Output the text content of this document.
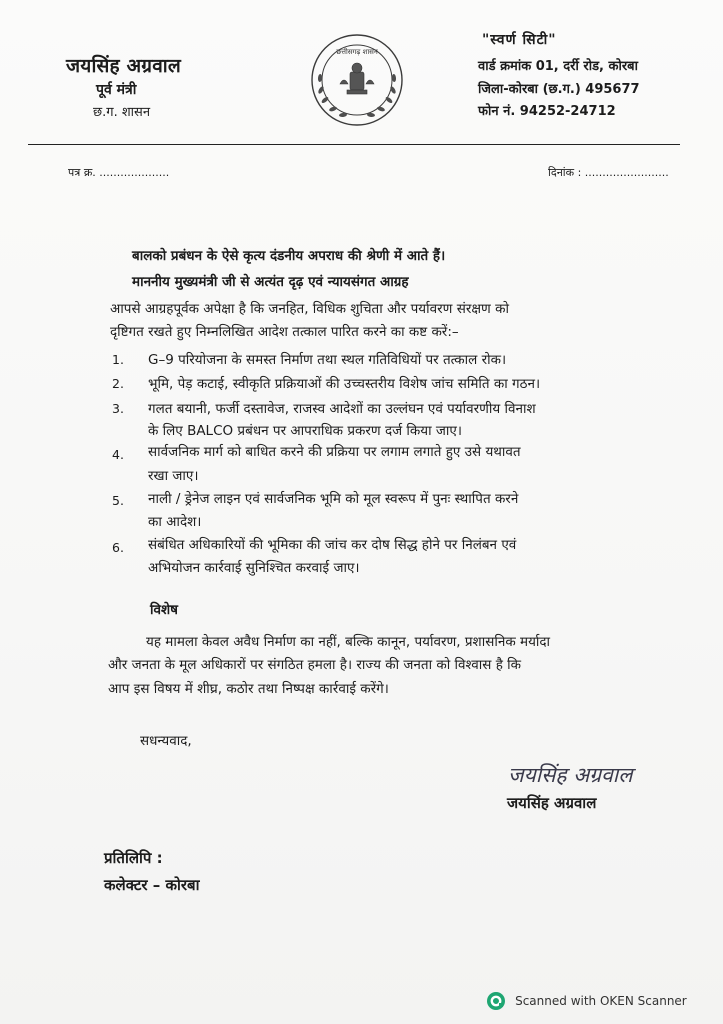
जयसिंह अग्रवाल
पूर्व मंत्री
छ.ग. शासन
छत्तीसगढ़ शासन
"स्वर्ण सिटी"
वार्ड क्रमांक 01, दर्री रोड, कोरबा
जिला-कोरबा (छ.ग.) 495677
फोन नं. 94252-24712
पत्र क्र. ....................	दिनांक : ........................
बालको प्रबंधन के ऐसे कृत्य दंडनीय अपराध की श्रेणी में आते हैं।
माननीय मुख्यमंत्री जी से अत्यंत दृढ़ एवं न्यायसंगत आग्रह
आपसे आग्रहपूर्वक अपेक्षा है कि जनहित, विधिक शुचिता और पर्यावरण संरक्षण को
दृष्टिगत रखते हुए निम्नलिखित आदेश तत्काल पारित करने का कष्ट करें:–
1. G–9 परियोजना के समस्त निर्माण तथा स्थल गतिविधियों पर तत्काल रोक।
2. भूमि, पेड़ कटाई, स्वीकृति प्रक्रियाओं की उच्चस्तरीय विशेष जांच समिति का गठन।
3. गलत बयानी, फर्जी दस्तावेज, राजस्व आदेशों का उल्लंघन एवं पर्यावरणीय विनाश
के लिए BALCO प्रबंधन पर आपराधिक प्रकरण दर्ज किया जाए।
4. सार्वजनिक मार्ग को बाधित करने की प्रक्रिया पर लगाम लगाते हुए उसे यथावत
रखा जाए।
5. नाली / ड्रेनेज लाइन एवं सार्वजनिक भूमि को मूल स्वरूप में पुनः स्थापित करने
का आदेश।
6. संबंधित अधिकारियों की भूमिका की जांच कर दोष सिद्ध होने पर निलंबन एवं
अभियोजन कार्रवाई सुनिश्चित करवाई जाए।
विशेष
यह मामला केवल अवैध निर्माण का नहीं, बल्कि कानून, पर्यावरण, प्रशासनिक मर्यादा
और जनता के मूल अधिकारों पर संगठित हमला है। राज्य की जनता को विश्वास है कि
आप इस विषय में शीघ्र, कठोर तथा निष्पक्ष कार्रवाई करेंगे।
सधन्यवाद,
जयसिंह अग्रवाल
जयसिंह अग्रवाल
प्रतिलिपि :
कलेक्टर – कोरबा
Scanned with OKEN Scanner
